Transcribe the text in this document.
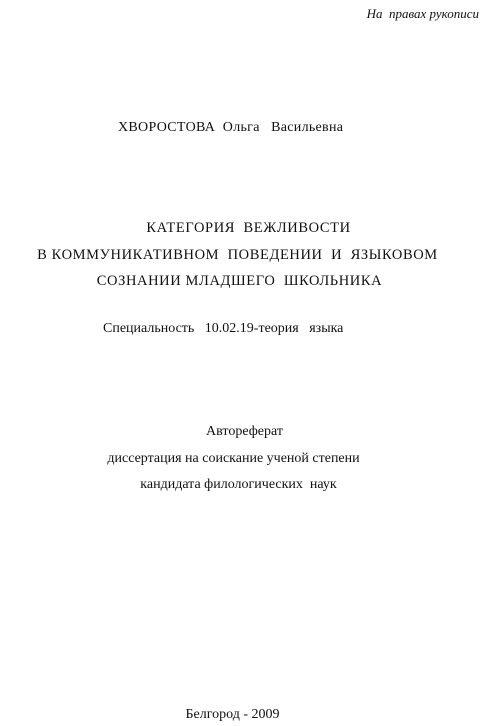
На  правах рукописи
ХВОРОСТОВА  Ольга   Васильевна
КАТЕГОРИЯ  ВЕЖЛИВОСТИ
В КОММУНИКАТИВНОМ  ПОВЕДЕНИИ  И  ЯЗЫКОВОМ
СОЗНАНИИ МЛАДШЕГО  ШКОЛЬНИКА
Специальность   10.02.19-теория   языка
Автореферат
диссертация на соискание ученой степени
кандидата филологических  наук
Белгород - 2009
